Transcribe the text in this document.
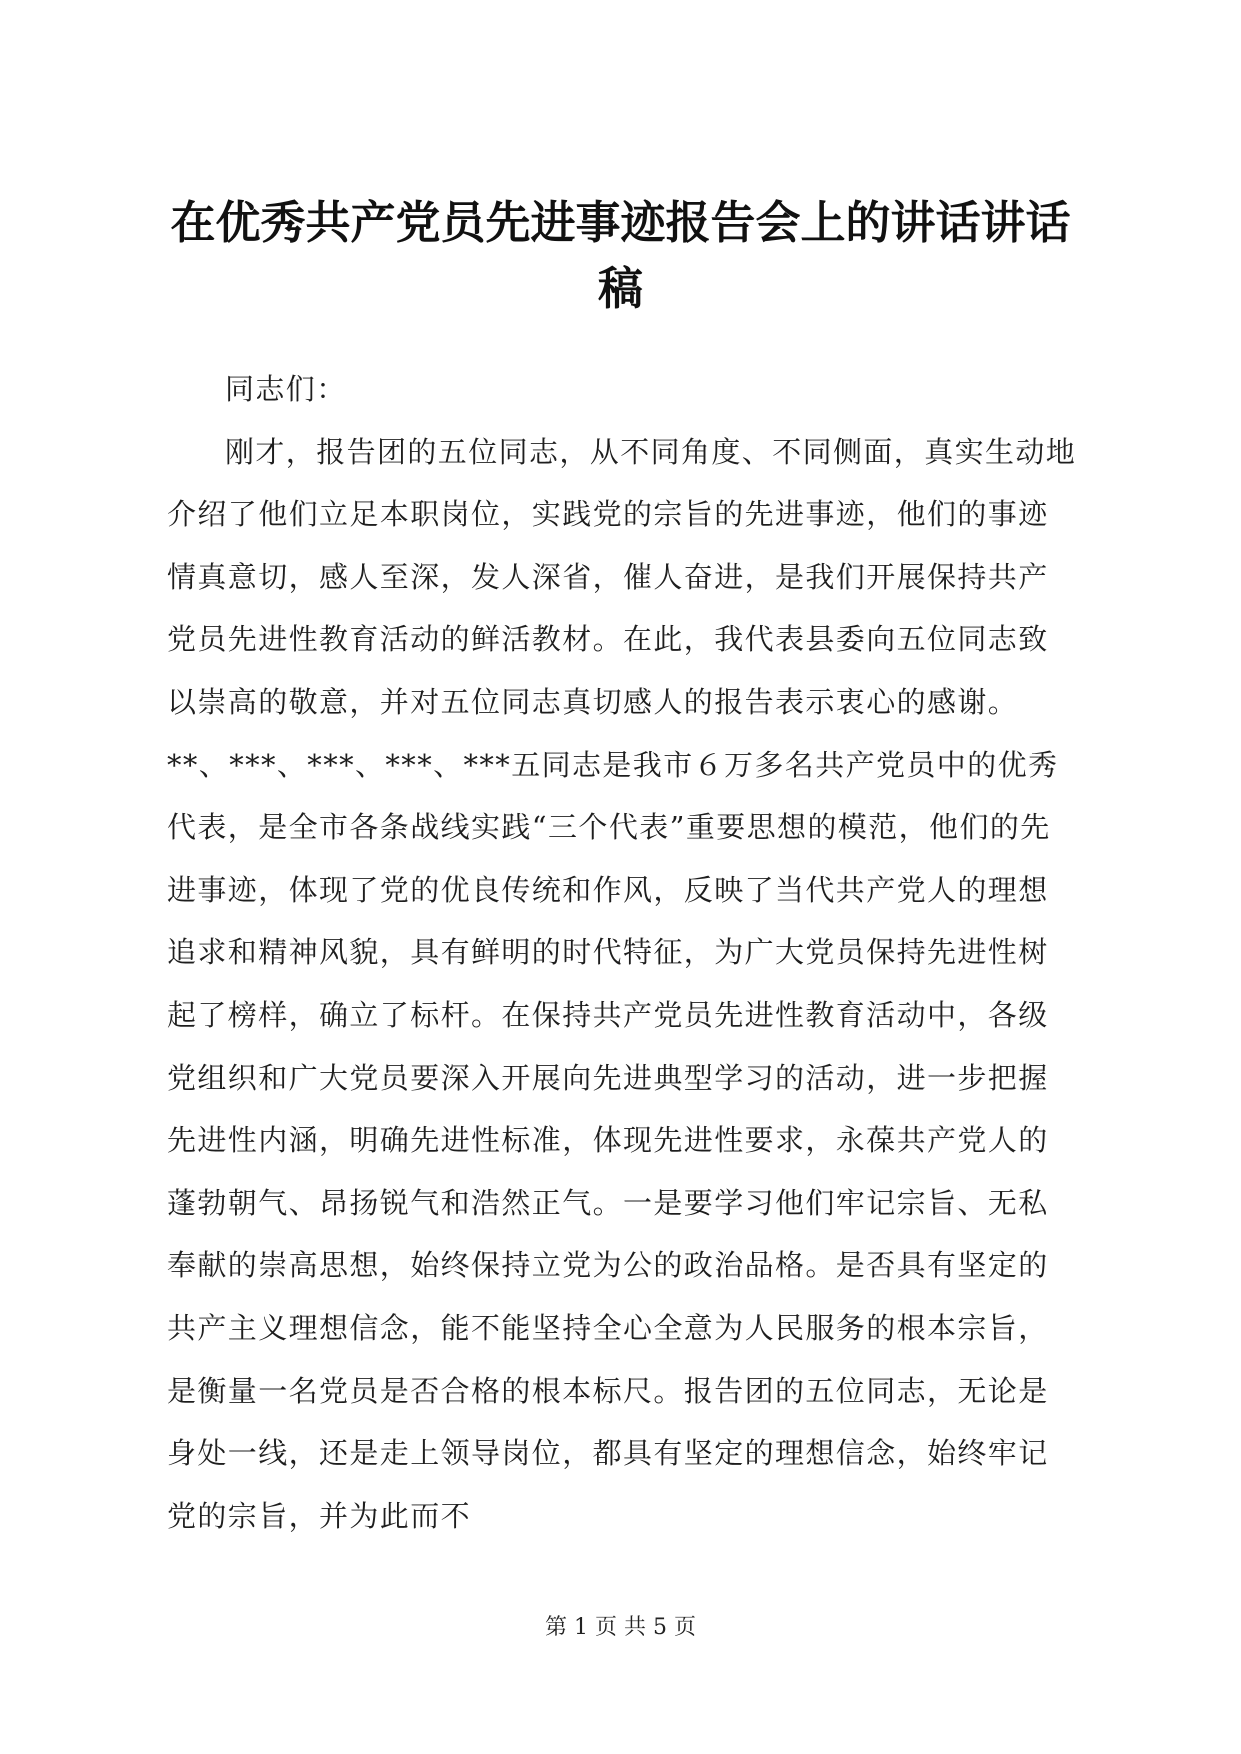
在优秀共产党员先进事迹报告会上的讲话讲话稿

同志们：

刚才，报告团的五位同志，从不同角度、不同侧面，真实生动地介绍了他们立足本职岗位，实践党的宗旨的先进事迹，他们的事迹情真意切，感人至深，发人深省，催人奋进，是我们开展保持共产党员先进性教育活动的鲜活教材。在此，我代表县委向五位同志致以崇高的敬意，并对五位同志真切感人的报告表示衷心的感谢。**、***、***、***、***五同志是我市６万多名共产党员中的优秀代表，是全市各条战线实践“三个代表”重要思想的模范，他们的先进事迹，体现了党的优良传统和作风，反映了当代共产党人的理想追求和精神风貌，具有鲜明的时代特征，为广大党员保持先进性树起了榜样，确立了标杆。在保持共产党员先进性教育活动中，各级党组织和广大党员要深入开展向先进典型学习的活动，进一步把握先进性内涵，明确先进性标准，体现先进性要求，永葆共产党人的蓬勃朝气、昂扬锐气和浩然正气。一是要学习他们牢记宗旨、无私奉献的崇高思想，始终保持立党为公的政治品格。是否具有坚定的共产主义理想信念，能不能坚持全心全意为人民服务的根本宗旨，是衡量一名党员是否合格的根本标尺。报告团的五位同志，无论是身处一线，还是走上领导岗位，都具有坚定的理想信念，始终牢记党的宗旨，并为此而不

第 1 页 共 5 页
